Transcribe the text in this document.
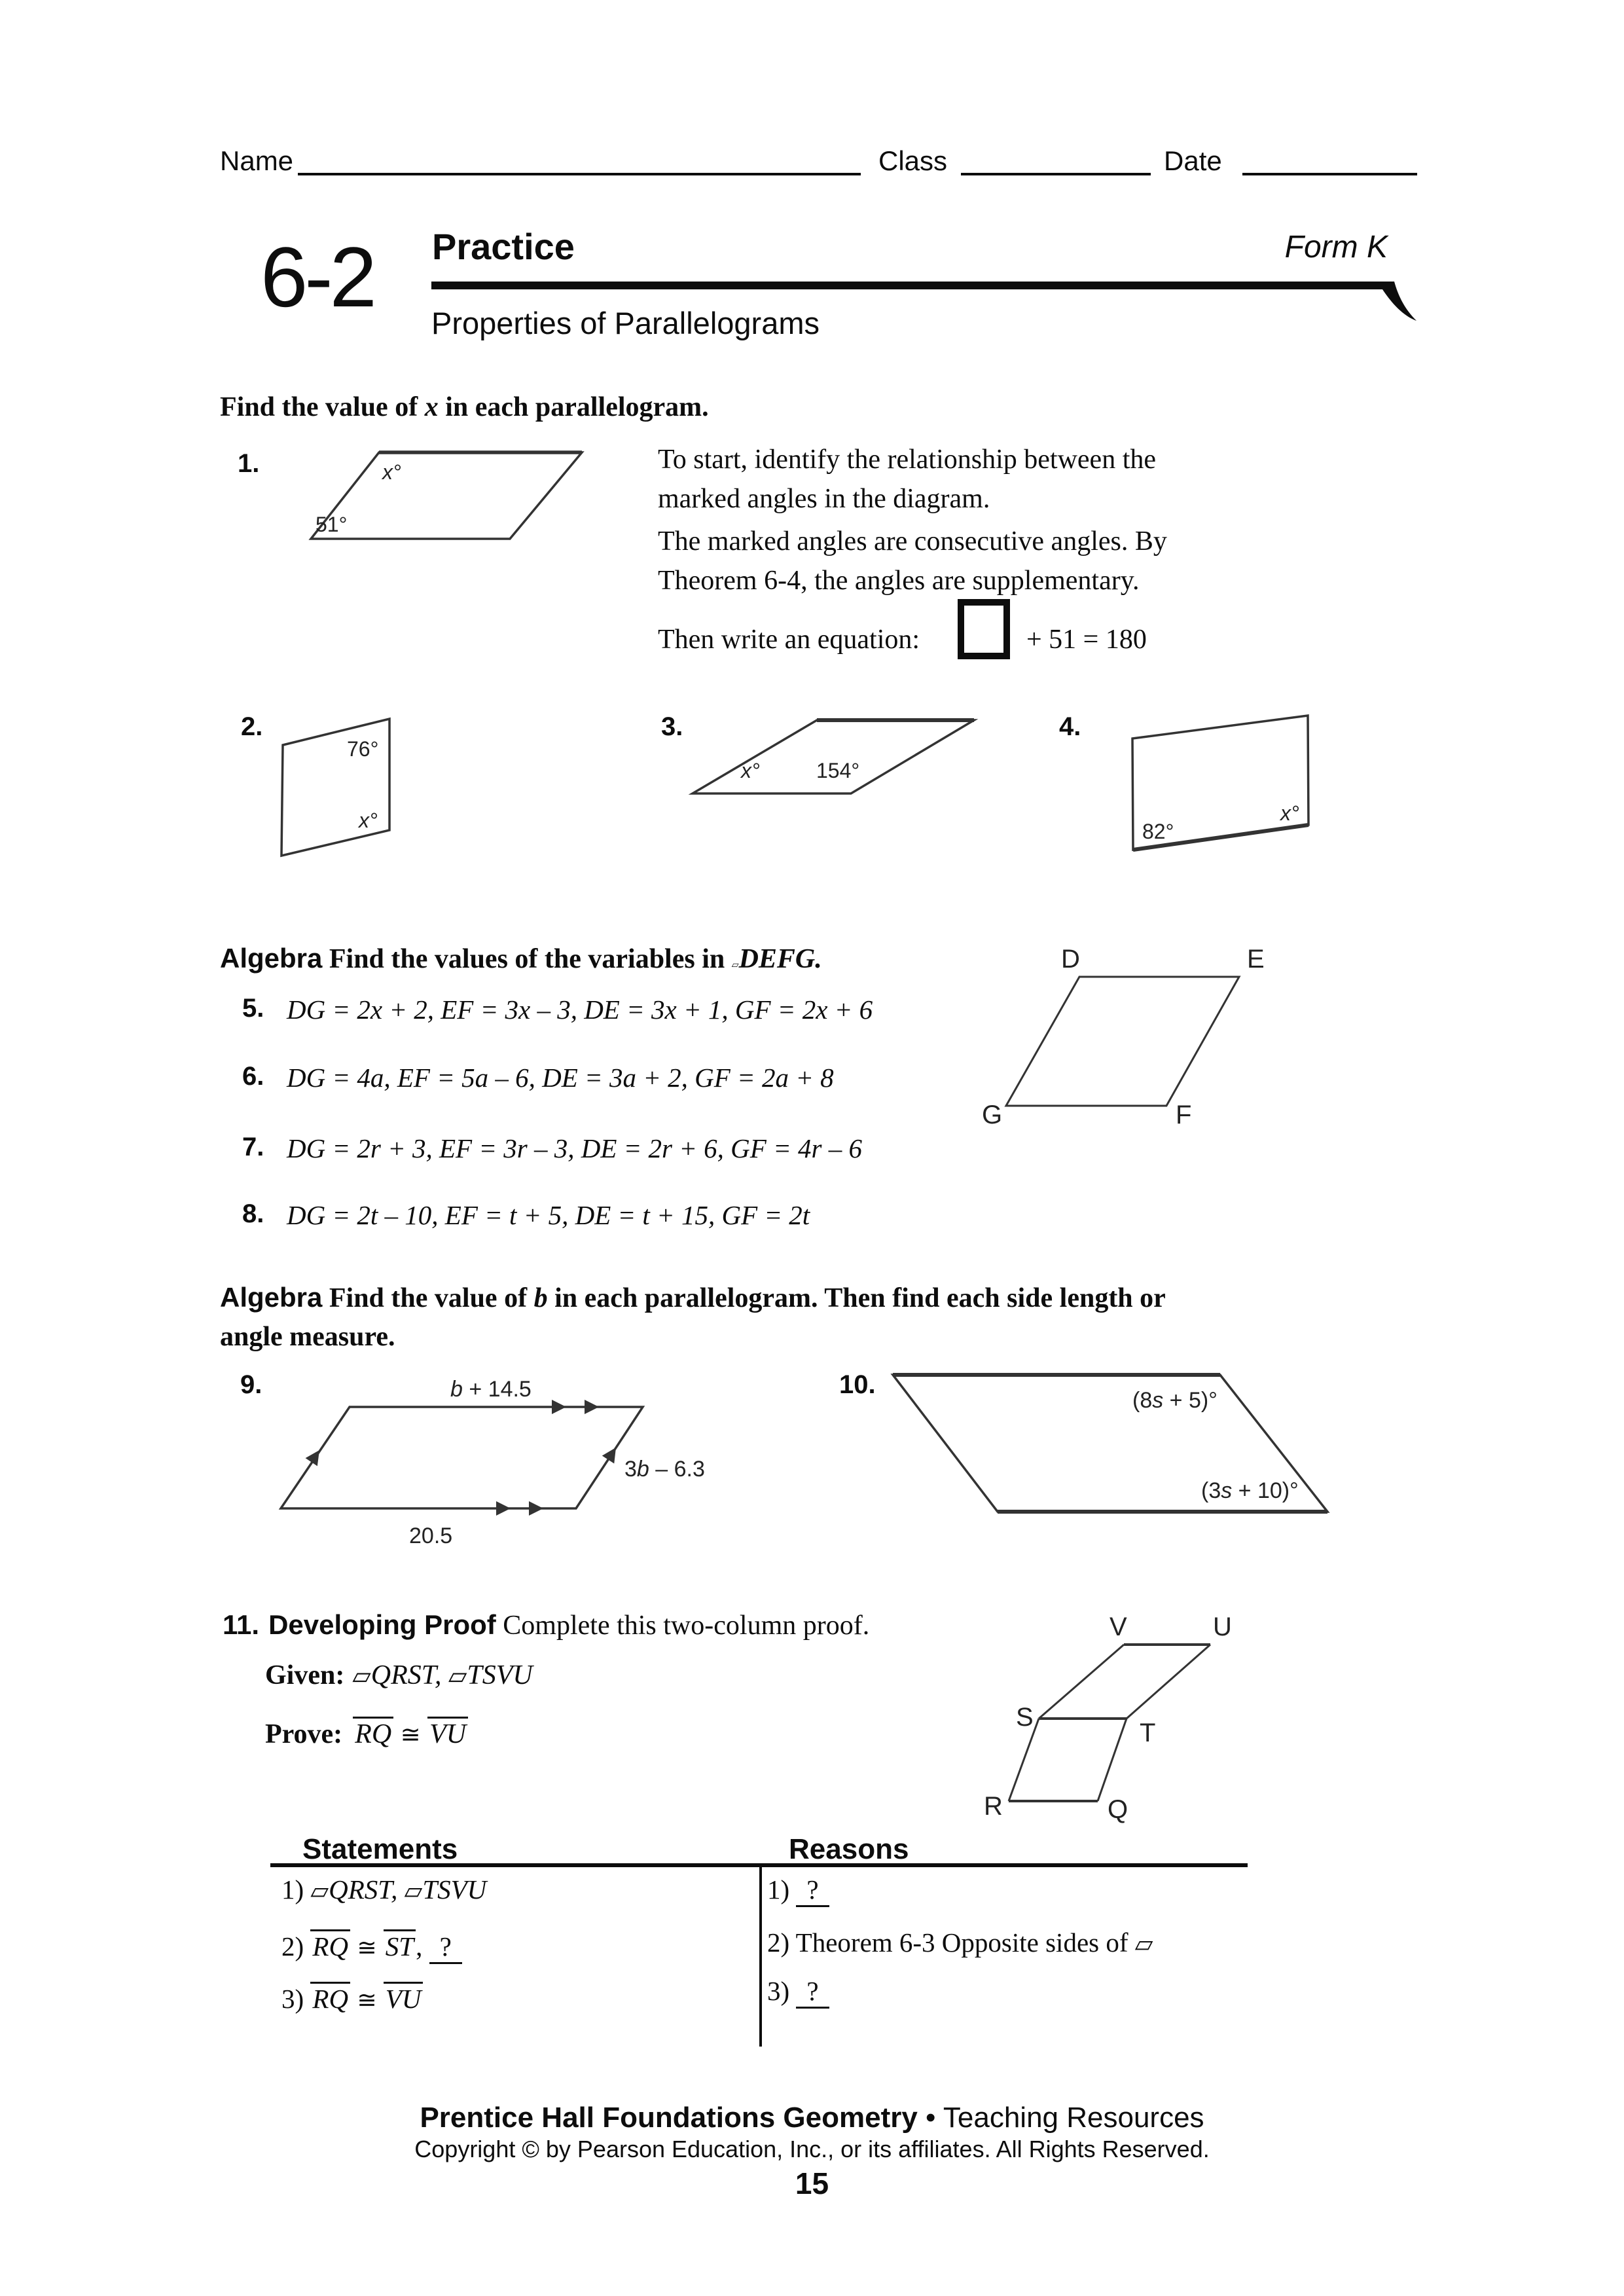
Name	Class	Date
6-2 Practice	Form K
Properties of Parallelograms
Find the value of x in each parallelogram.
1.	x°
51°
To start, identify the relationship between the
marked angles in the diagram.
The marked angles are consecutive angles. By
Theorem 6-4, the angles are supplementary.
Then write an equation:	+ 51 = 180
2.
76°
x°
3.
x°	154°
4.
82°
x°
Algebra Find the values of the variables in ▱DEFG.
5. DG = 2x + 2, EF = 3x – 3, DE = 3x + 1, GF = 2x + 6
6. DG = 4a, EF = 5a – 6, DE = 3a + 2, GF = 2a + 8
7. DG = 2r + 3, EF = 3r – 3, DE = 2r + 6, GF = 4r – 6
8. DG = 2t – 10, EF = t + 5, DE = t + 15, GF = 2t
D	E
G	F
Algebra Find the value of b in each parallelogram. Then find each side length or
angle measure.
9.	b + 14.5
3b – 6.3
20.5
10.
(8s + 5)°
(3s + 10)°
11. Developing Proof Complete this two-column proof.
Given: ▱QRST, ▱TSVU
Prove: RQ ≅ VU
V	U
S
T
R	Q
Statements	Reasons
1) ▱QRST, ▱TSVU	1) ?
2) RQ ≅ ST, ?	2) Theorem 6-3 Opposite sides of ▱
3) RQ ≅ VU	3) ?
Prentice Hall Foundations Geometry • Teaching Resources
Copyright © by Pearson Education, Inc., or its affiliates. All Rights Reserved.
15
